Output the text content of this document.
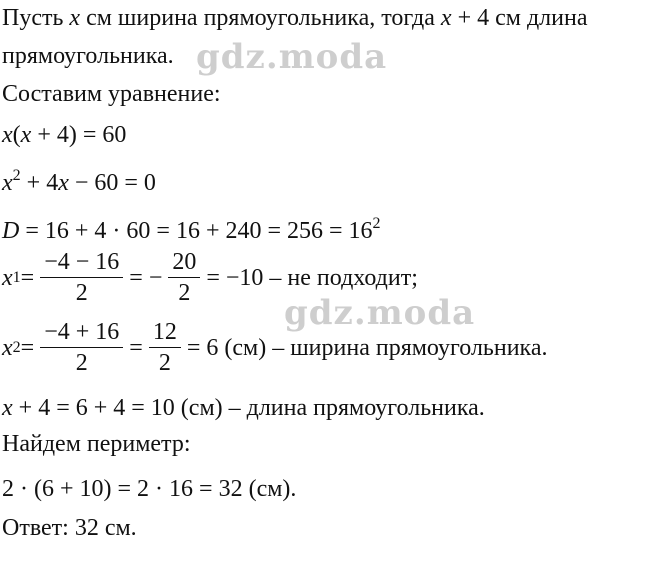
Пусть x см ширина прямоугольника, тогда x + 4 см длина
прямоугольника.
Составим уравнение:
x(x + 4) = 60
$x^2 + 4x - 60 = 0$
$D = 16 + 4 \cdot 60 = 16 + 240 = 256 = 16^2$
x $1 = \frac{-4 - 16}{2}$ = − $\frac{20}{2} = -10$ – не подходит;
x $2 = \frac{-4 + 16}{2} = \frac{12}{2} = 6$ (см) – ширина прямоугольника.
x + 4 = 6 + 4 = 10 (см) – длина прямоугольника.
Найдем периметр:
2 · (6 + 10) = 2 · 16 = 32 (см).
Ответ: 32 см.
gdz.moda
gdz.moda
